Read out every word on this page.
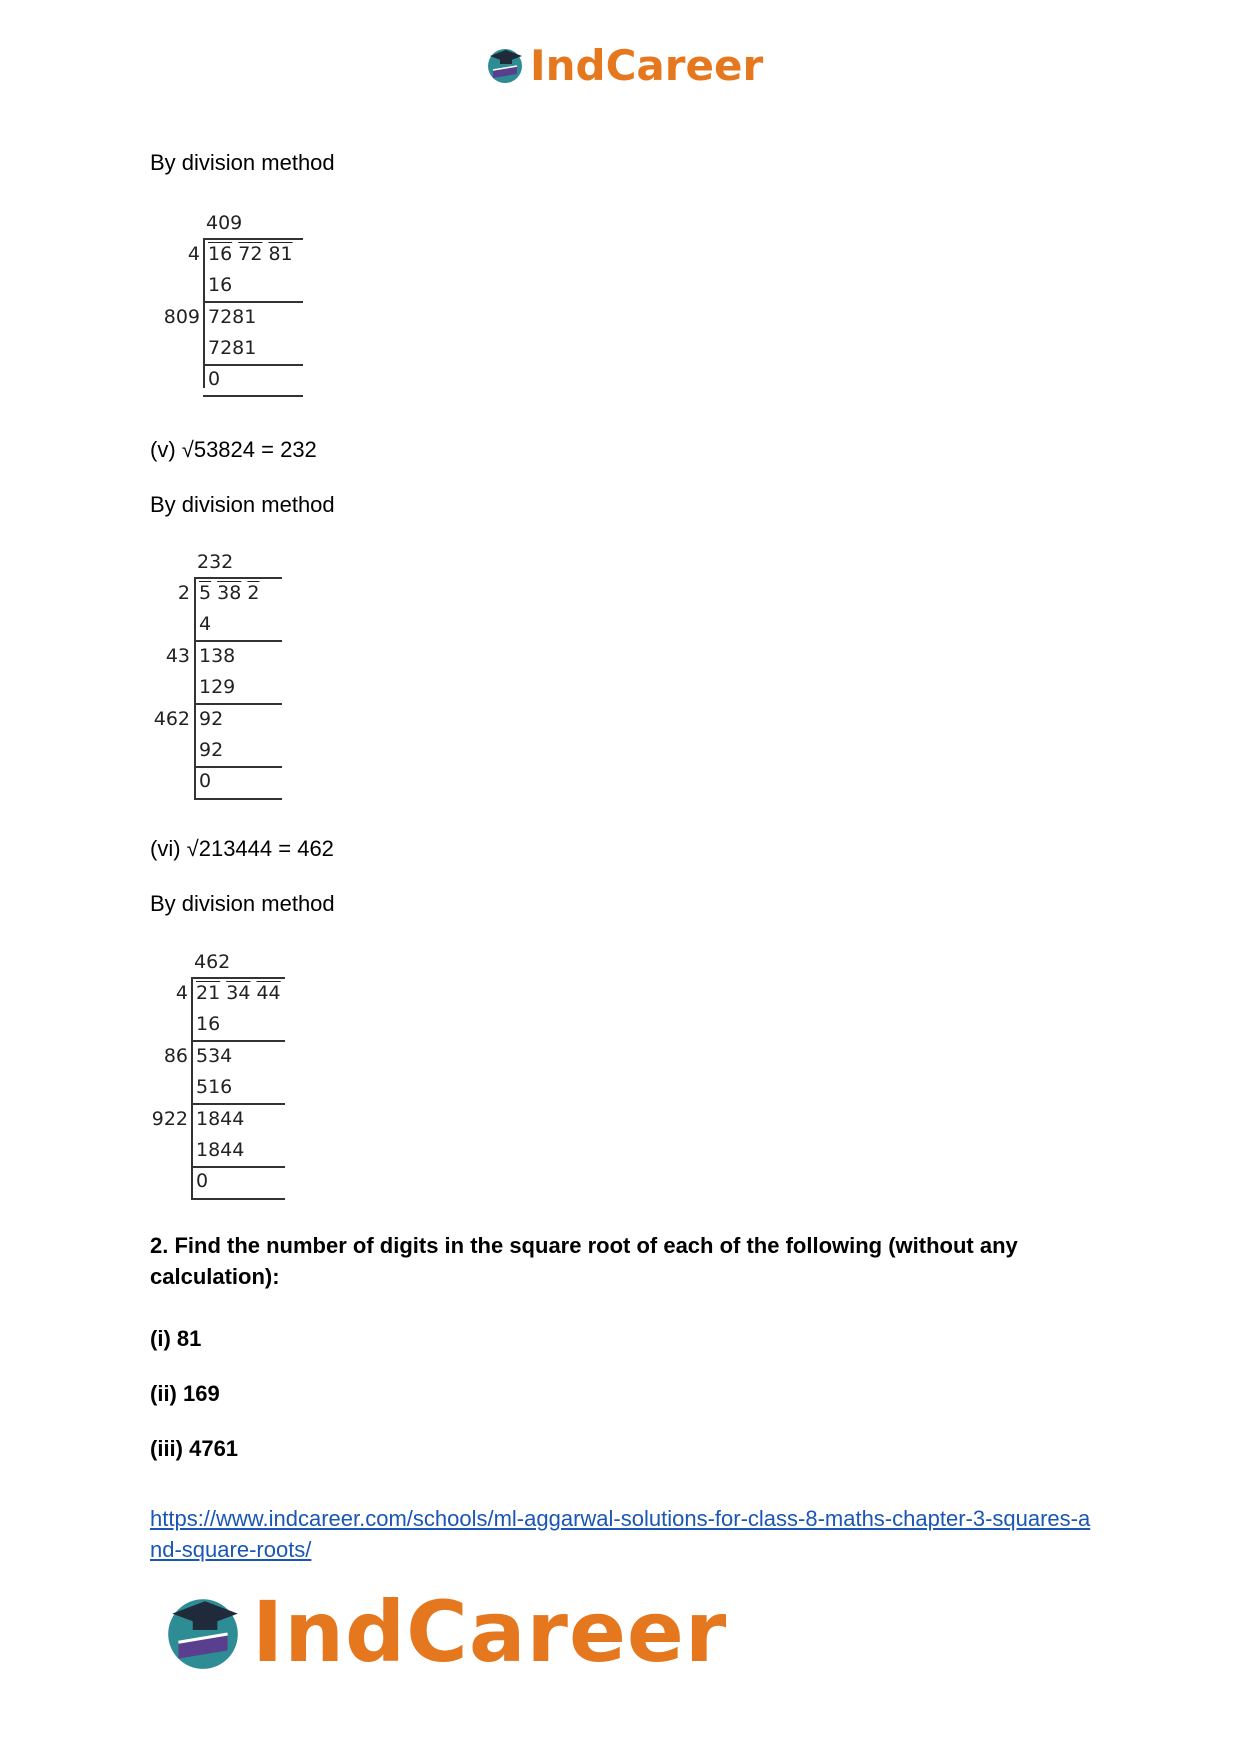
IndCareer
By division method
409
4 16 72 81
16
809 7281
7281
0
(v) √53824 = 232
By division method
232
2 5 38 2
4
43 138
129
462 92
92
0
(vi) √213444 = 462
By division method
462
4 21 34 44
16
86 534
516
922 1844
1844
0
2. Find the number of digits in the square root of each of the following (without any calculation):
(i) 81
(ii) 169
(iii) 4761
https://www.indcareer.com/schools/ml-aggarwal-solutions-for-class-8-maths-chapter-3-squares-and-square-roots/
IndCareer
